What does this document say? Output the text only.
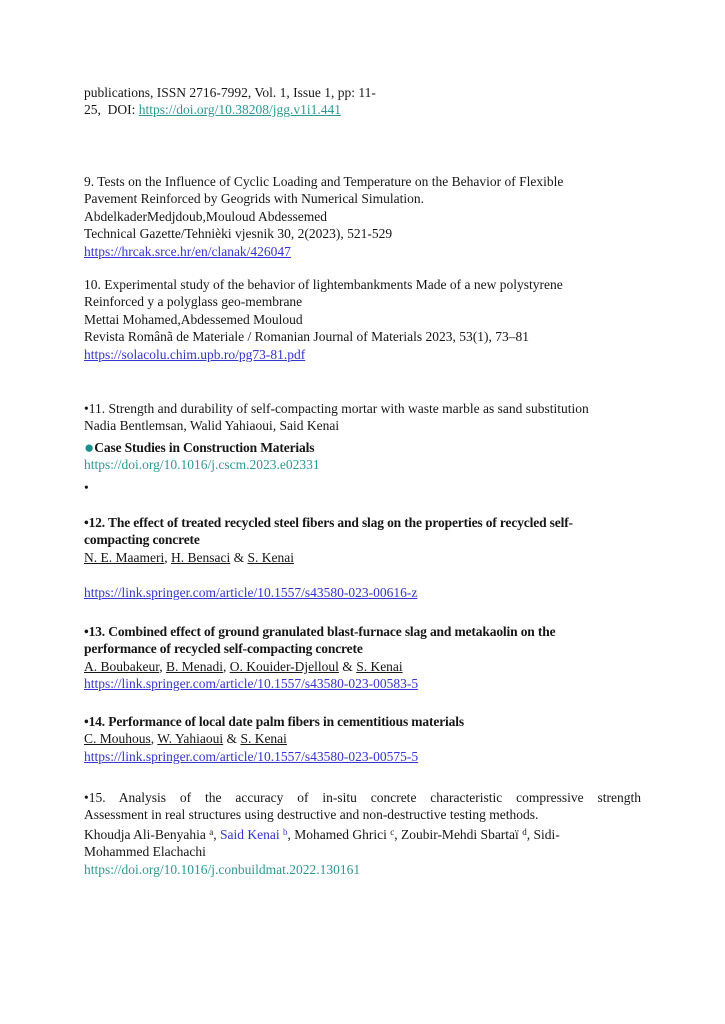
publications, ISSN 2716-7992, Vol. 1, Issue 1, pp: 11-
25,  DOI: https://doi.org/10.38208/jgg.v1i1.441
9. Tests on the Influence of Cyclic Loading and Temperature on the Behavior of Flexible
Pavement Reinforced by Geogrids with Numerical Simulation.
AbdelkaderMedjdoub,Mouloud Abdessemed
Technical Gazette/Tehnièki vjesnik 30, 2(2023), 521-529
https://hrcak.srce.hr/en/clanak/426047
10. Experimental study of the behavior of lightembankments Made of a new polystyrene
Reinforced y a polyglass geo-membrane
Mettai Mohamed,Abdessemed Mouloud
Revista Românã de Materiale / Romanian Journal of Materials 2023, 53(1), 73–81
https://solacolu.chim.upb.ro/pg73-81.pdf
•11. Strength and durability of self-compacting mortar with waste marble as sand substitution
Nadia Bentlemsan, Walid Yahiaoui, Said Kenai
●Case Studies in Construction Materials
https://doi.org/10.1016/j.cscm.2023.e02331
•
•12. The effect of treated recycled steel fibers and slag on the properties of recycled self-
compacting concrete
N. E. Maameri, H. Bensaci & S. Kenai
https://link.springer.com/article/10.1557/s43580-023-00616-z
•13. Combined effect of ground granulated blast-furnace slag and metakaolin on the
performance of recycled self-compacting concrete
A. Boubakeur, B. Menadi, O. Kouider-Djelloul & S. Kenai
https://link.springer.com/article/10.1557/s43580-023-00583-5
•14. Performance of local date palm fibers in cementitious materials
C. Mouhous, W. Yahiaoui & S. Kenai
https://link.springer.com/article/10.1557/s43580-023-00575-5
•15. Analysis of the accuracy of in-situ concrete characteristic compressive strength
Assessment in real structures using destructive and non-destructive testing methods.
Khoudja Ali-Benyahia $^a$, Said Kenai $^b$, Mohamed Ghrici $^c$, Zoubir-Mehdi Sbartaï $^d$, Sidi-
Mohammed Elachachi
https://doi.org/10.1016/j.conbuildmat.2022.130161
